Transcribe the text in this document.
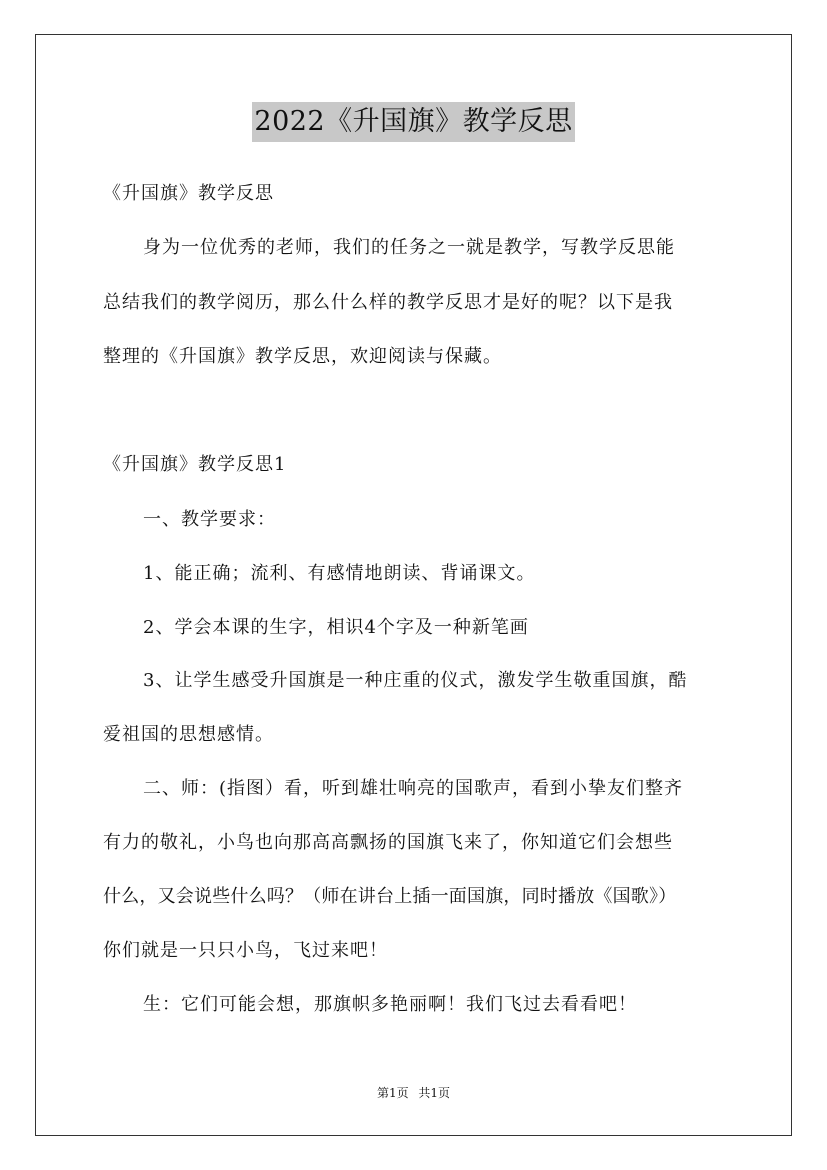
2022《升国旗》教学反思
《升国旗》教学反思
身为一位优秀的老师，我们的任务之一就是教学，写教学反思能
总结我们的教学阅历，那么什么样的教学反思才是好的呢？以下是我
整理的《升国旗》教学反思，欢迎阅读与保藏。
《升国旗》教学反思1
一、教学要求：
1、能正确；流利、有感情地朗读、背诵课文。
2、学会本课的生字，相识4个字及一种新笔画
3、让学生感受升国旗是一种庄重的仪式，激发学生敬重国旗，酷
爱祖国的思想感情。
二、师：(指图）看，听到雄壮响亮的国歌声，看到小挚友们整齐
有力的敬礼，小鸟也向那高高飘扬的国旗飞来了，你知道它们会想些
什么，又会说些什么吗？（师在讲台上插一面国旗，同时播放《国歌》）
你们就是一只只小鸟，飞过来吧！
生：它们可能会想，那旗帜多艳丽啊！我们飞过去看看吧！
第1页 共1页
